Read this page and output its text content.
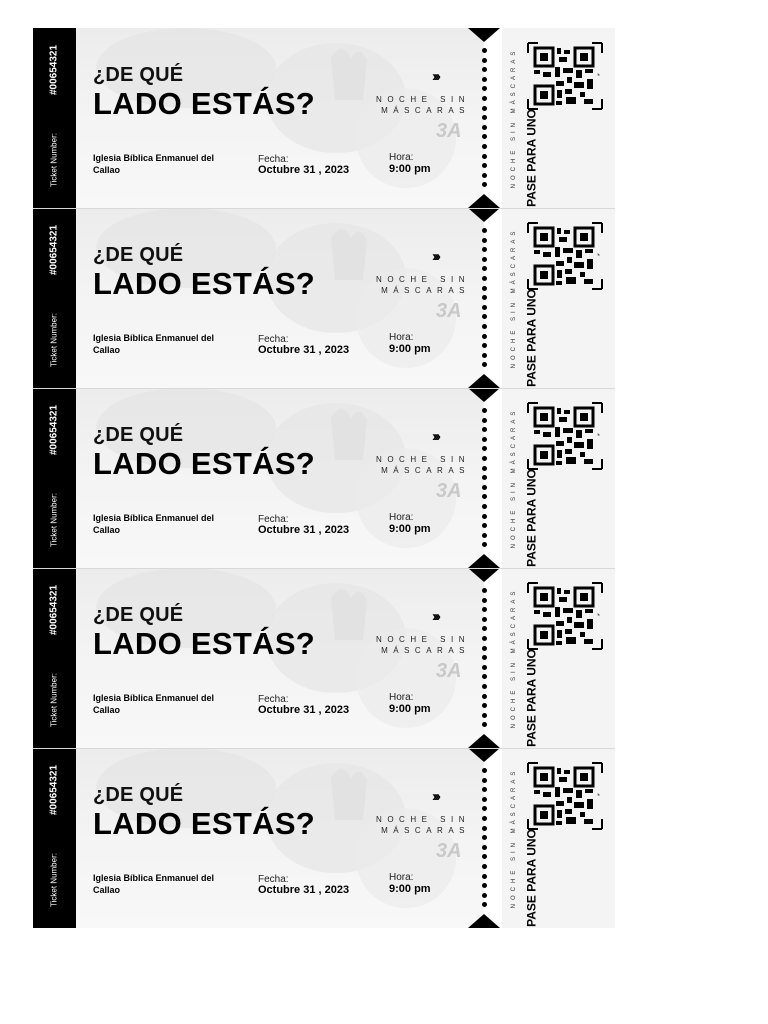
#00654321
Ticket Number:
¿DE QUÉ
LADO ESTÁS?
›››
NOCHE SIN
MÁSCARAS
3A
Iglesia Bíblica Enmanuel del Callao
Fecha:
Octubre 31 , 2023
Hora:
9:00 pm	NOCHE SIN MÁSCARAS PASE PARA UNO
◔
#00654321
Ticket Number:
¿DE QUÉ
LADO ESTÁS?
›››
NOCHE SIN
MÁSCARAS
3A
Iglesia Bíblica Enmanuel del Callao
Fecha:
Octubre 31 , 2023
Hora:
9:00 pm	NOCHE SIN MÁSCARAS PASE PARA UNO
◔
#00654321
Ticket Number:
¿DE QUÉ
LADO ESTÁS?
›››
NOCHE SIN
MÁSCARAS
3A
Iglesia Bíblica Enmanuel del Callao
Fecha:
Octubre 31 , 2023
Hora:
9:00 pm	NOCHE SIN MÁSCARAS PASE PARA UNO
◔
#00654321
Ticket Number:
¿DE QUÉ
LADO ESTÁS?
›››
NOCHE SIN
MÁSCARAS
3A
Iglesia Bíblica Enmanuel del Callao
Fecha:
Octubre 31 , 2023
Hora:
9:00 pm	NOCHE SIN MÁSCARAS PASE PARA UNO
◔
#00654321
Ticket Number:
¿DE QUÉ
LADO ESTÁS?
›››
NOCHE SIN
MÁSCARAS
3A
Iglesia Bíblica Enmanuel del Callao
Fecha:
Octubre 31 , 2023
Hora:
9:00 pm	NOCHE SIN MÁSCARAS PASE PARA UNO
◔
